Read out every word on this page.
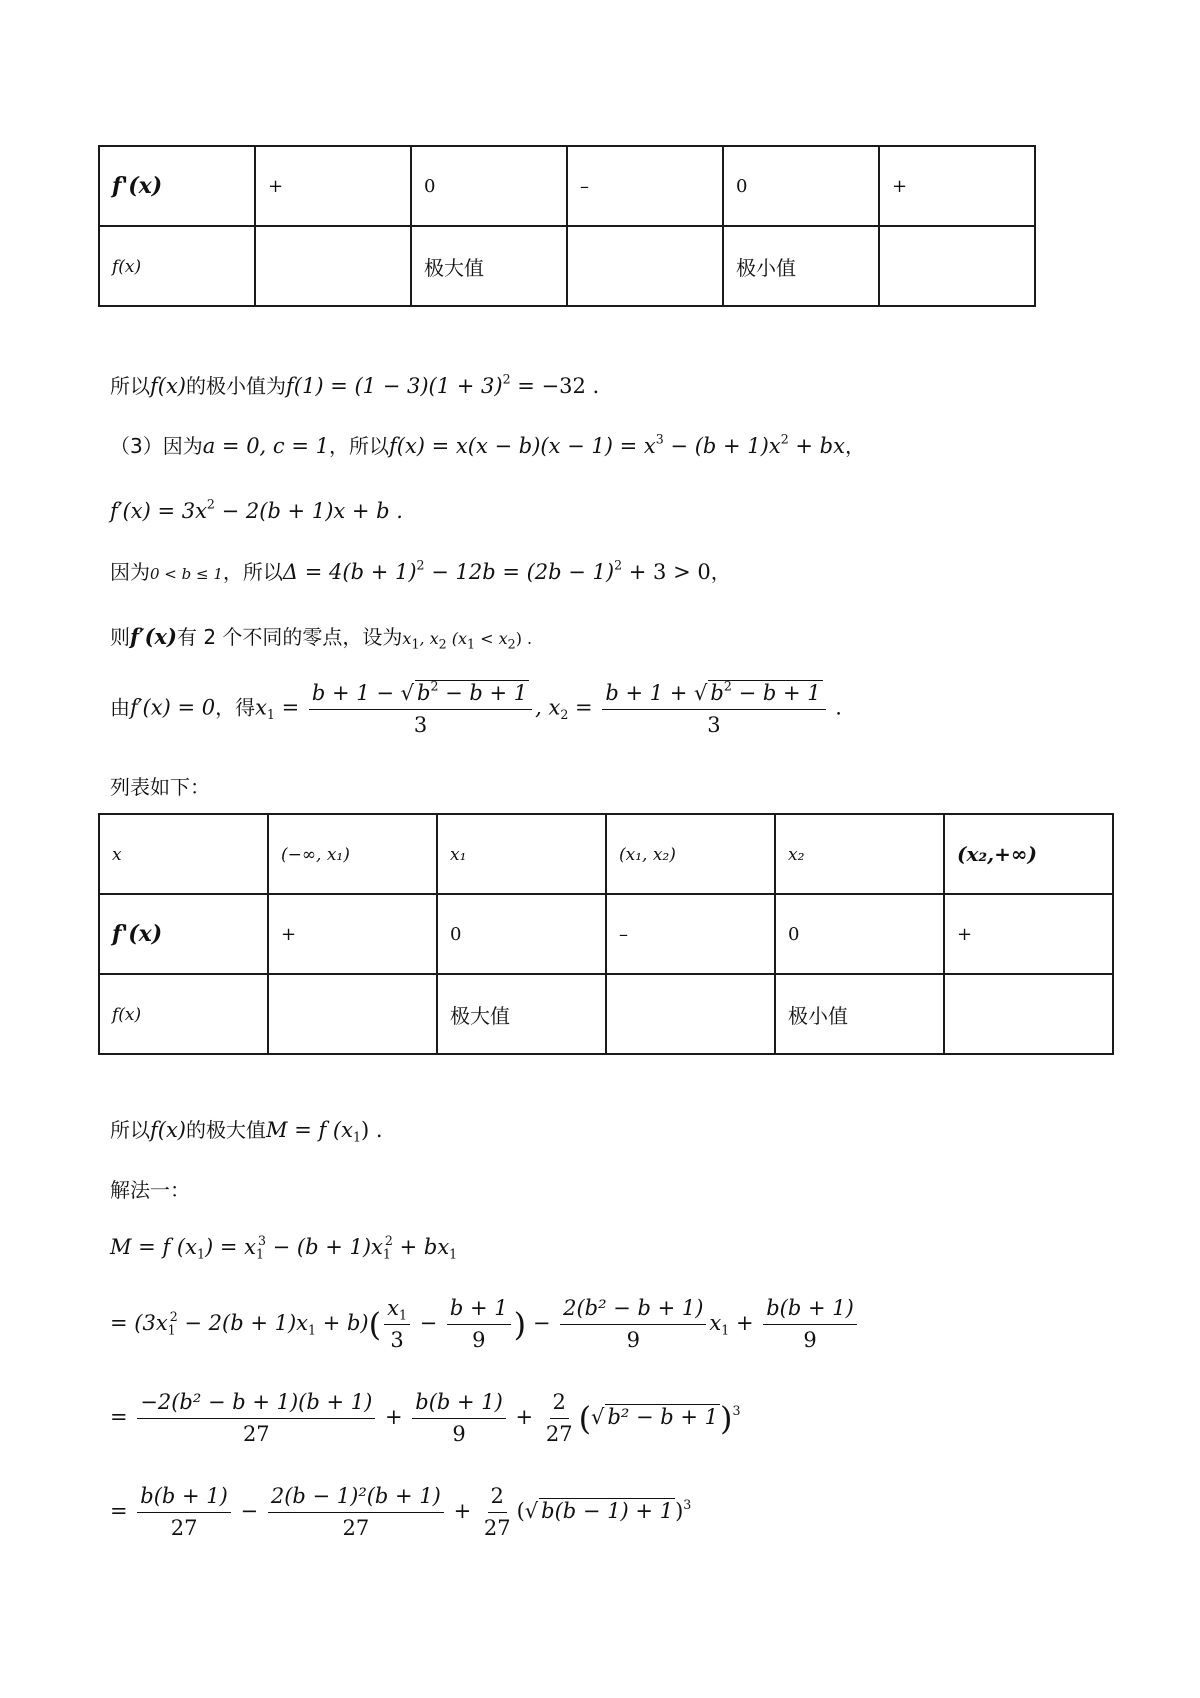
f'(x)	+	0	–	0	+
f(x)		极大值		极小值	
所以f(x)的极小值为$f(1) = (1 - 3)(1 + 3)^2 = -32$ .
（3）因为a = 0, c = 1，所以$f(x) = x(x - b)(x - 1) = x^3 - (b + 1)x^2$ + bx，
$f'(x) = 3x^2 - 2(b + 1)x + b$ .
因为0 < b ≤ 1，所以$\Delta = 4(b + 1)^2 - 12b = (2b - 1)^2 + 3 > 0$，
则f′(x)有 2 个不同的零点，设为$x_1$, $x_2$ $(x_1 < x_2)$ .
由f′(x) = 0，得$x_1 = \frac{b + 1 - √ b^2 - b + 1}{3}$ , $x_2 = \frac{b + 1 + √ b^2 - b + 1}{3}$ .
列表如下：
x	(−∞, x₁)	x₁	(x₁, x₂)	x₂	(x₂,+∞)
f'(x)	+	0	–	0	+
f(x)		极大值		极小值	
所以f(x)的极大值M = f $(x_1)$ .
解法一：
M = f $(x_1) = x_1^3 - (b + 1)x_1^2 + bx_1$
= $(3x_1^2 - 2(b + 1)x_1 + b)( \frac{x_1}{3} - \frac{b + 1}{9}$ ) − $\frac{\text{2(b² − b + 1)}}{9} x_1 + \frac{b(b + 1)}{9}$
= $\frac{\text{−2(b² − b + 1)(b + 1)}}{27} + \frac{b(b + 1)}{9} + \frac{2}{27}$ (√ b² − b + 1)$^3$
= $\frac{b(b + 1)}{27} - \frac{\text{2(b − 1)²(b + 1)}}{27} + \frac{2}{27}$ (√ b(b − 1) + 1)$^3$
